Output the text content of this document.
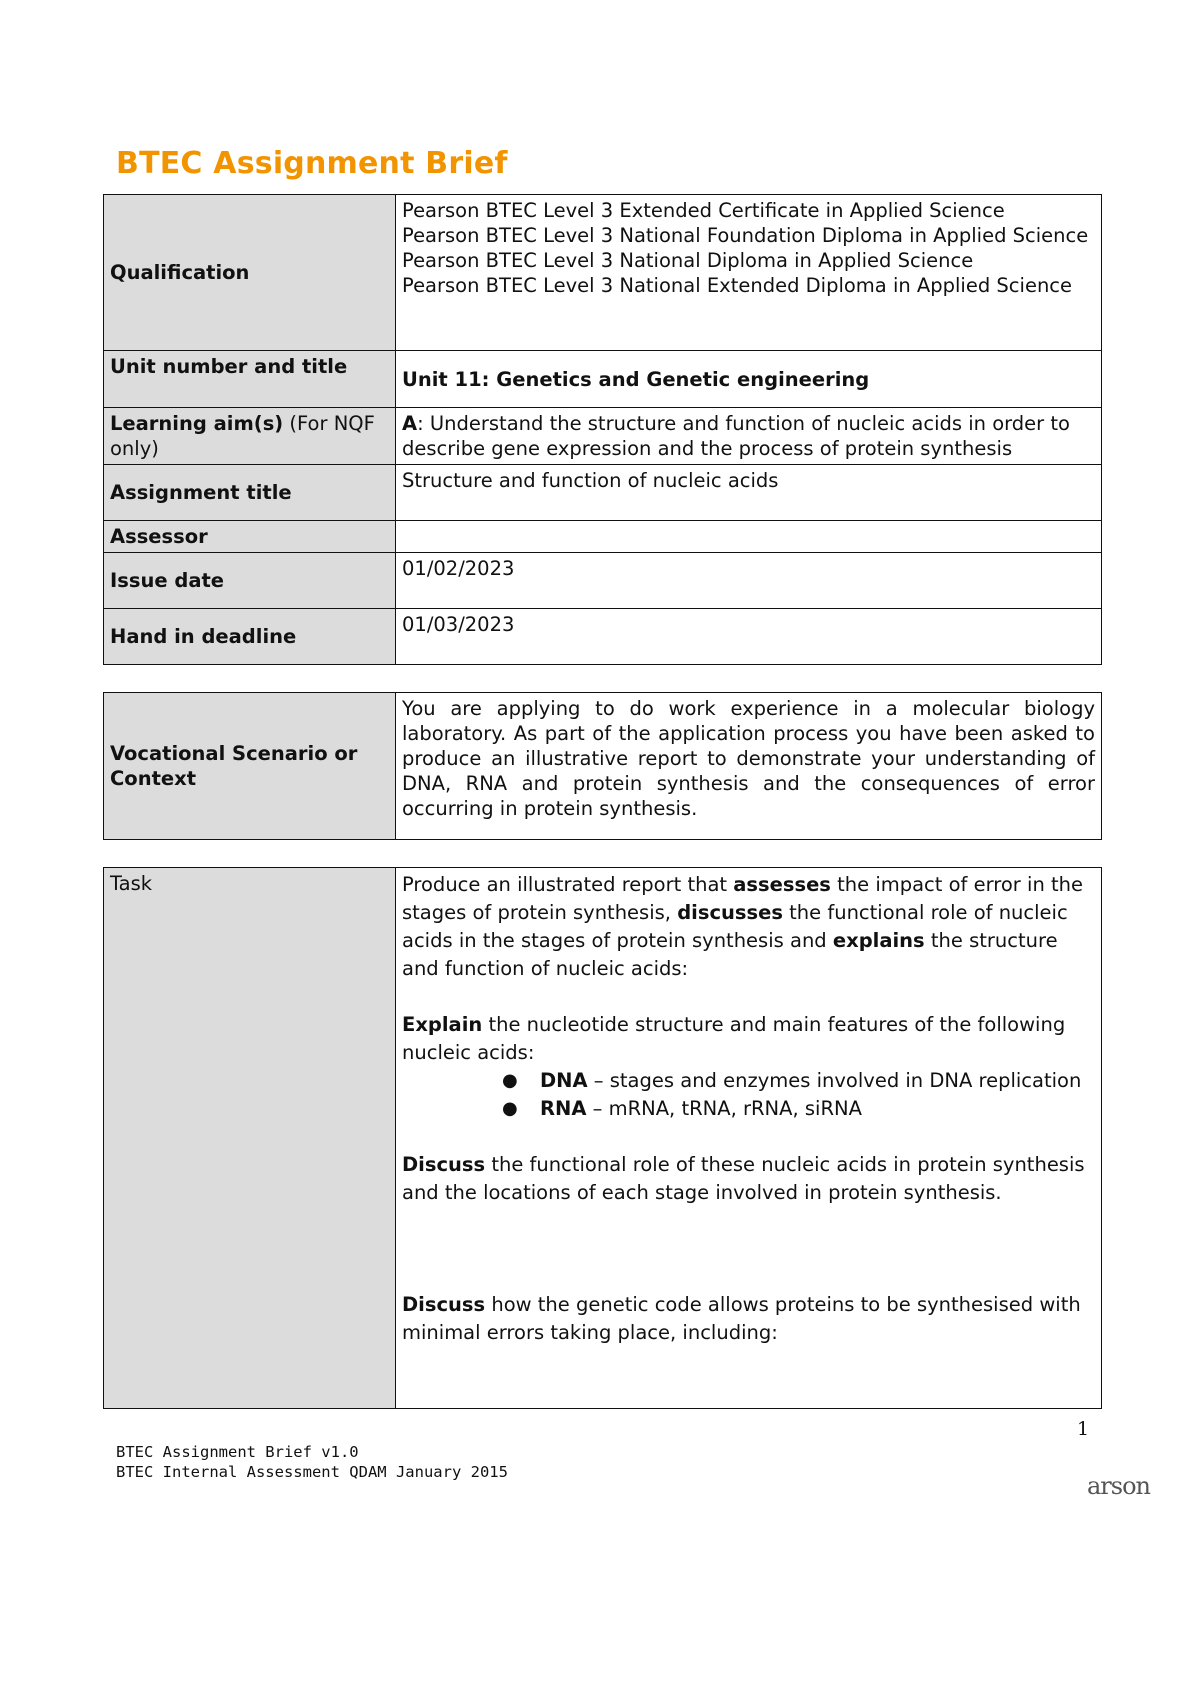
BTEC Assignment Brief
Qualification	Pearson BTEC Level 3 Extended Certificate in Applied Science
Pearson BTEC Level 3 National Foundation Diploma in Applied Science
Pearson BTEC Level 3 National Diploma in Applied Science
Pearson BTEC Level 3 National Extended Diploma in Applied Science

Unit number and title	Unit 11: Genetics and Genetic engineering
Learning aim(s) (For NQF only)	A: Understand the structure and function of nucleic acids in order to describe gene expression and the process of protein synthesis
Assignment title	Structure and function of nucleic acids
Assessor	
Issue date	01/02/2023
Hand in deadline	01/03/2023
Vocational Scenario or Context	You are applying to do work experience in a molecular biology laboratory. As part of the application process you have been asked to produce an illustrative report to demonstrate your understanding of DNA, RNA and protein synthesis and the consequences of error occurring in protein synthesis.
Task	Produce an illustrated report that assesses the impact of error in the stages of protein synthesis, discusses the functional role of nucleic acids in the stages of protein synthesis and explains the structure and function of nucleic acids:

Explain the nucleotide structure and main features of the following nucleic acids:

● DNA – stages and enzymes involved in DNA replication
● RNA – mRNA, tRNA, rRNA, siRNA

Discuss the functional role of these nucleic acids in protein synthesis and the locations of each stage involved in protein synthesis.

Discuss how the genetic code allows proteins to be synthesised with minimal errors taking place, including:

1
BTEC Assignment Brief v1.0
BTEC Internal Assessment QDAM January 2015	arson
